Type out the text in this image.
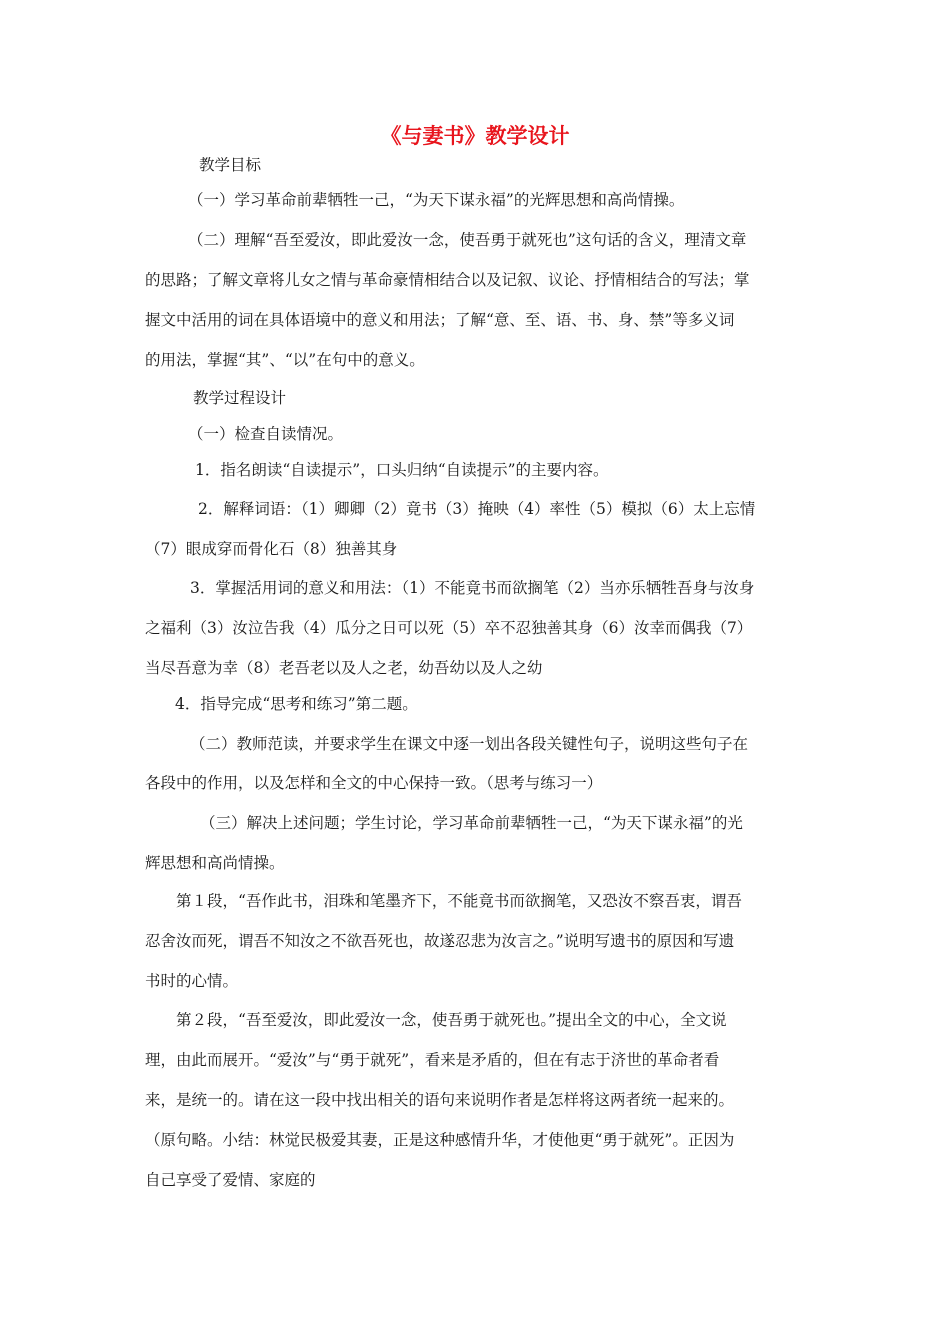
《与妻书》教学设计
教学目标
（一）学习革命前辈牺牲一己，“为天下谋永福”的光辉思想和高尚情操。
（二）理解“吾至爱汝，即此爱汝一念，使吾勇于就死也”这句话的含义，理清文章
的思路；了解文章将儿女之情与革命豪情相结合以及记叙、议论、抒情相结合的写法；掌
握文中活用的词在具体语境中的意义和用法；了解“意、至、语、书、身、禁”等多义词
的用法，掌握“其”、“以”在句中的意义。
教学过程设计
（一）检查自读情况。
1．指名朗读“自读提示”，口头归纳“自读提示”的主要内容。
2．解释词语：（1）卿卿（2）竟书（3）掩映（4）率性（5）模拟（6）太上忘情
（7）眼成穿而骨化石（8）独善其身
3．掌握活用词的意义和用法：（1）不能竟书而欲搁笔（2）当亦乐牺牲吾身与汝身
之福利（3）汝泣告我（4）瓜分之日可以死（5）卒不忍独善其身（6）汝幸而偶我（7）
当尽吾意为幸（8）老吾老以及人之老，幼吾幼以及人之幼
4．指导完成“思考和练习”第二题。
（二）教师范读，并要求学生在课文中逐一划出各段关键性句子，说明这些句子在
各段中的作用，以及怎样和全文的中心保持一致。（思考与练习一）
（三）解决上述问题；学生讨论，学习革命前辈牺牲一己，“为天下谋永福”的光
辉思想和高尚情操。
第１段，“吾作此书，泪珠和笔墨齐下，不能竟书而欲搁笔，又恐汝不察吾衷，谓吾
忍舍汝而死，谓吾不知汝之不欲吾死也，故遂忍悲为汝言之。”说明写遗书的原因和写遗
书时的心情。
第２段，“吾至爱汝，即此爱汝一念，使吾勇于就死也。”提出全文的中心，全文说
理，由此而展开。“爱汝”与“勇于就死”，看来是矛盾的，但在有志于济世的革命者看
来，是统一的。请在这一段中找出相关的语句来说明作者是怎样将这两者统一起来的。
（原句略。小结：林觉民极爱其妻，正是这种感情升华，才使他更“勇于就死”。正因为
自己享受了爱情、家庭的
